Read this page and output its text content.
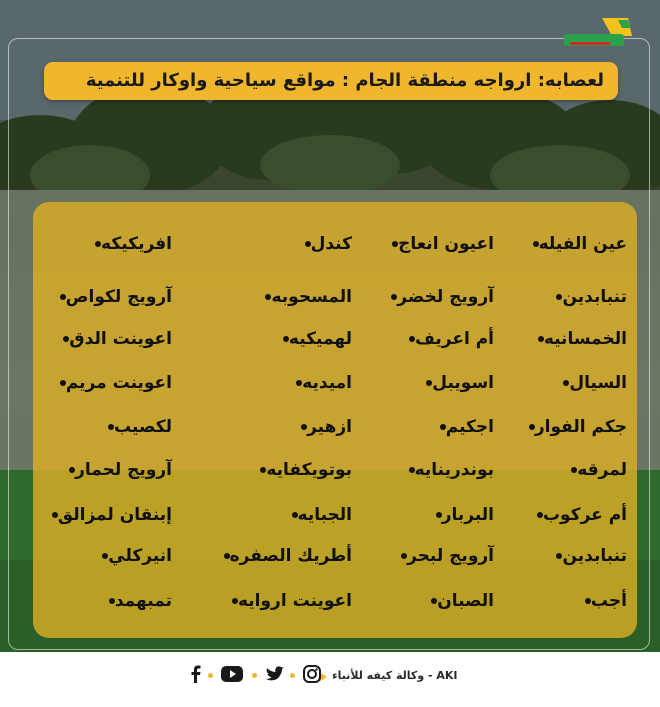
لعصابه: ارواجه منطقة الجام : مواقع سياحية واوكار للتنمية
عين الفيله
تنبابدين
الخمسانيه
السيال
جكم الفوار
لمرقه
أم عركوب
تنبابدين
أجب
اعيون انعاج
آرويج لخضر
أم اعريف
اسويبل
اجكيم
بوندرينايه
البربار
آرويج لبحر
الصبان
كندل
المسحوبه
لهميكيه
اميديه
ازهير
بوتويكفايه
الجبايه
أطريك الصفره
اعوينت اروايه
افريكيكه
آرويج لكواص
اعوينت الدق
اعوينت مريم
لكصيب
آرويج لحمار
إبنقان لمزالق
انيركلي
تمبهمد
AKI - وكالة كيفه للأنباء
